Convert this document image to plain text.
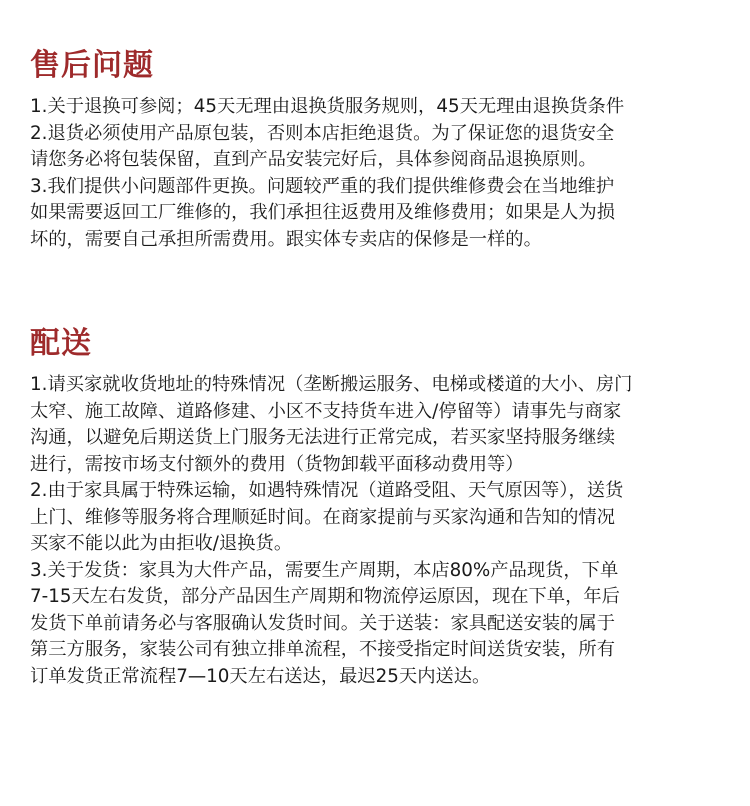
售后问题

1.关于退换可参阅；45天无理由退换货服务规则，45天无理由退换货条件

2.退货必须使用产品原包装，否则本店拒绝退货。为了保证您的退货安全
请您务必将包装保留，直到产品安装完好后，具体参阅商品退换原则。

3.我们提供小问题部件更换。问题较严重的我们提供维修费会在当地维护
如果需要返回工厂维修的，我们承担往返费用及维修费用；如果是人为损
坏的，需要自己承担所需费用。跟实体专卖店的保修是一样的。

配送

1.请买家就收货地址的特殊情况（垄断搬运服务、电梯或楼道的大小、房门
太窄、施工故障、道路修建、小区不支持货车进入/停留等）请事先与商家
沟通，以避免后期送货上门服务无法进行正常完成，若买家坚持服务继续
进行，需按市场支付额外的费用（货物卸载平面移动费用等）

2.由于家具属于特殊运输，如遇特殊情况（道路受阻、天气原因等），送货
上门、维修等服务将合理顺延时间。在商家提前与买家沟通和告知的情况
买家不能以此为由拒收/退换货。

3.关于发货：家具为大件产品，需要生产周期，本店80%产品现货，下单
7-15天左右发货，部分产品因生产周期和物流停运原因，现在下单，年后
发货下单前请务必与客服确认发货时间。关于送装：家具配送安装的属于
第三方服务，家装公司有独立排单流程，不接受指定时间送货安装，所有
订单发货正常流程7—10天左右送达，最迟25天内送达。
